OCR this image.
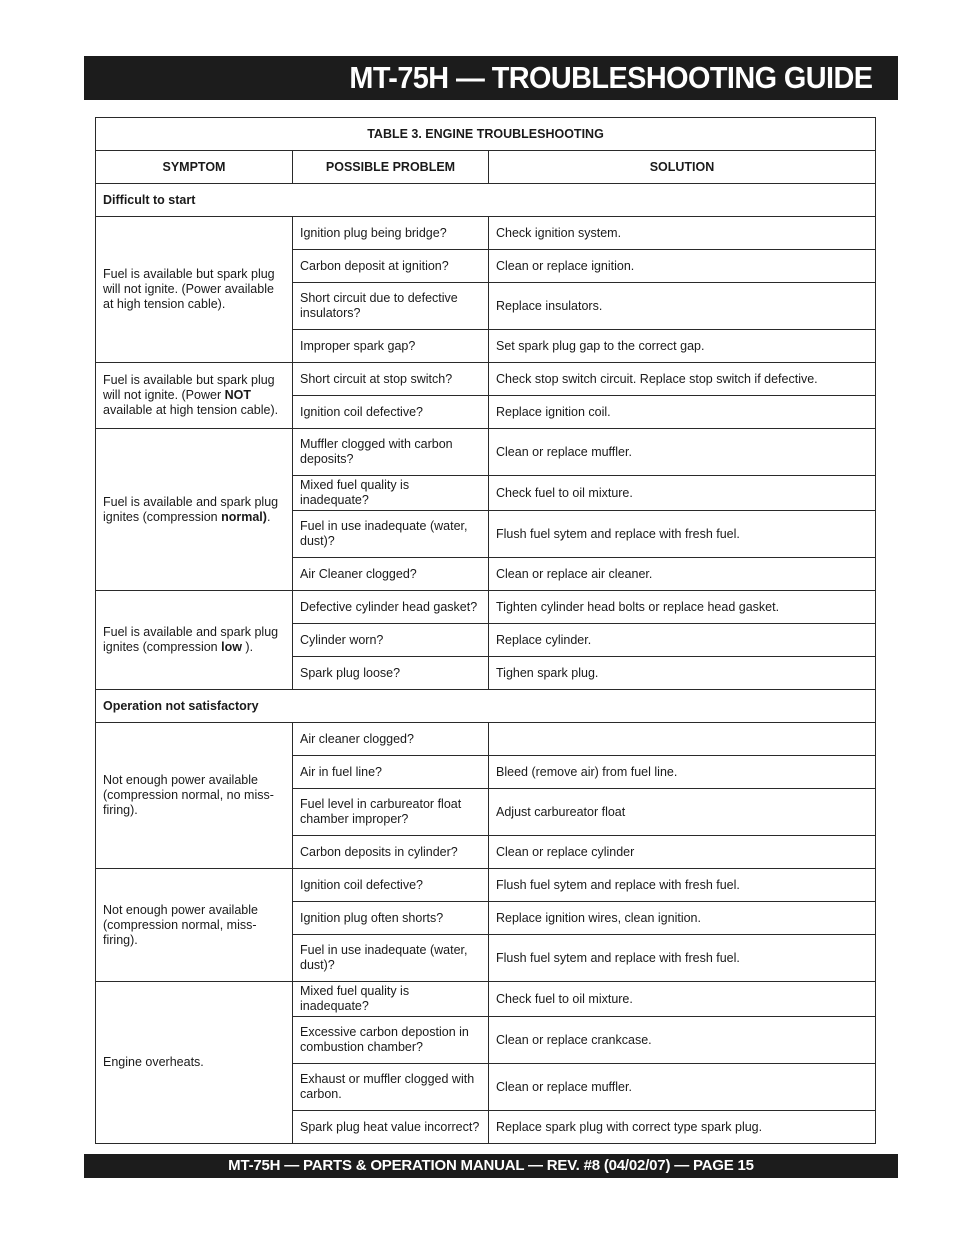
MT-75H — TROUBLESHOOTING GUIDE
TABLE 3. ENGINE TROUBLESHOOTING		
SYMPTOM	POSSIBLE PROBLEM	SOLUTION
Difficult to start		
Fuel is available but spark plug will not ignite. (Power available at high tension cable).	Ignition plug being bridge?	Check ignition system.
	Carbon deposit at ignition?	Clean or replace ignition.
	Short circuit due to defective insulators?	Replace insulators.
	Improper spark gap?	Set spark plug gap to the correct gap.
Fuel is available but spark plug will not ignite. (Power NOT
available at high tension cable).	Short circuit at stop switch?	Check stop switch circuit. Replace stop switch if defective.
	Ignition coil defective?	Replace ignition coil.
Fuel is available and spark plug ignites (compression normal).	Muffler clogged with carbon deposits?	Clean or replace muffler.
	Mixed fuel quality is inadequate?	Check fuel to oil mixture.
	Fuel in use inadequate (water, dust)?	Flush fuel sytem and replace with fresh fuel.
	Air Cleaner clogged?	Clean or replace air cleaner.
Fuel is available and spark plug ignites (compression low ).	Defective cylinder head gasket?	Tighten cylinder head bolts or replace head gasket.
	Cylinder worn?	Replace cylinder.
	Spark plug loose?	Tighen spark plug.
Operation not satisfactory		
Not enough power available (compression normal, no miss-firing).	Air cleaner clogged?	
	Air in fuel line?	Bleed (remove air) from fuel line.
	Fuel level in carbureator float chamber improper?	Adjust carbureator float
	Carbon deposits in cylinder?	Clean or replace cylinder
Not enough power available (compression normal, miss-firing).	Ignition coil defective?	Flush fuel sytem and replace with fresh fuel.
	Ignition plug often shorts?	Replace ignition wires, clean ignition.
	Fuel in use inadequate (water, dust)?	Flush fuel sytem and replace with fresh fuel.
Engine overheats.	Mixed fuel quality is inadequate?	Check fuel to oil mixture.
	Excessive carbon depostion in combustion chamber?	Clean or replace crankcase.
	Exhaust or muffler clogged with carbon.	Clean or replace muffler.
	Spark plug heat value incorrect?	Replace spark plug with correct type spark plug.
MT-75H — PARTS & OPERATION MANUAL — REV. #8 (04/02/07) — PAGE 15
